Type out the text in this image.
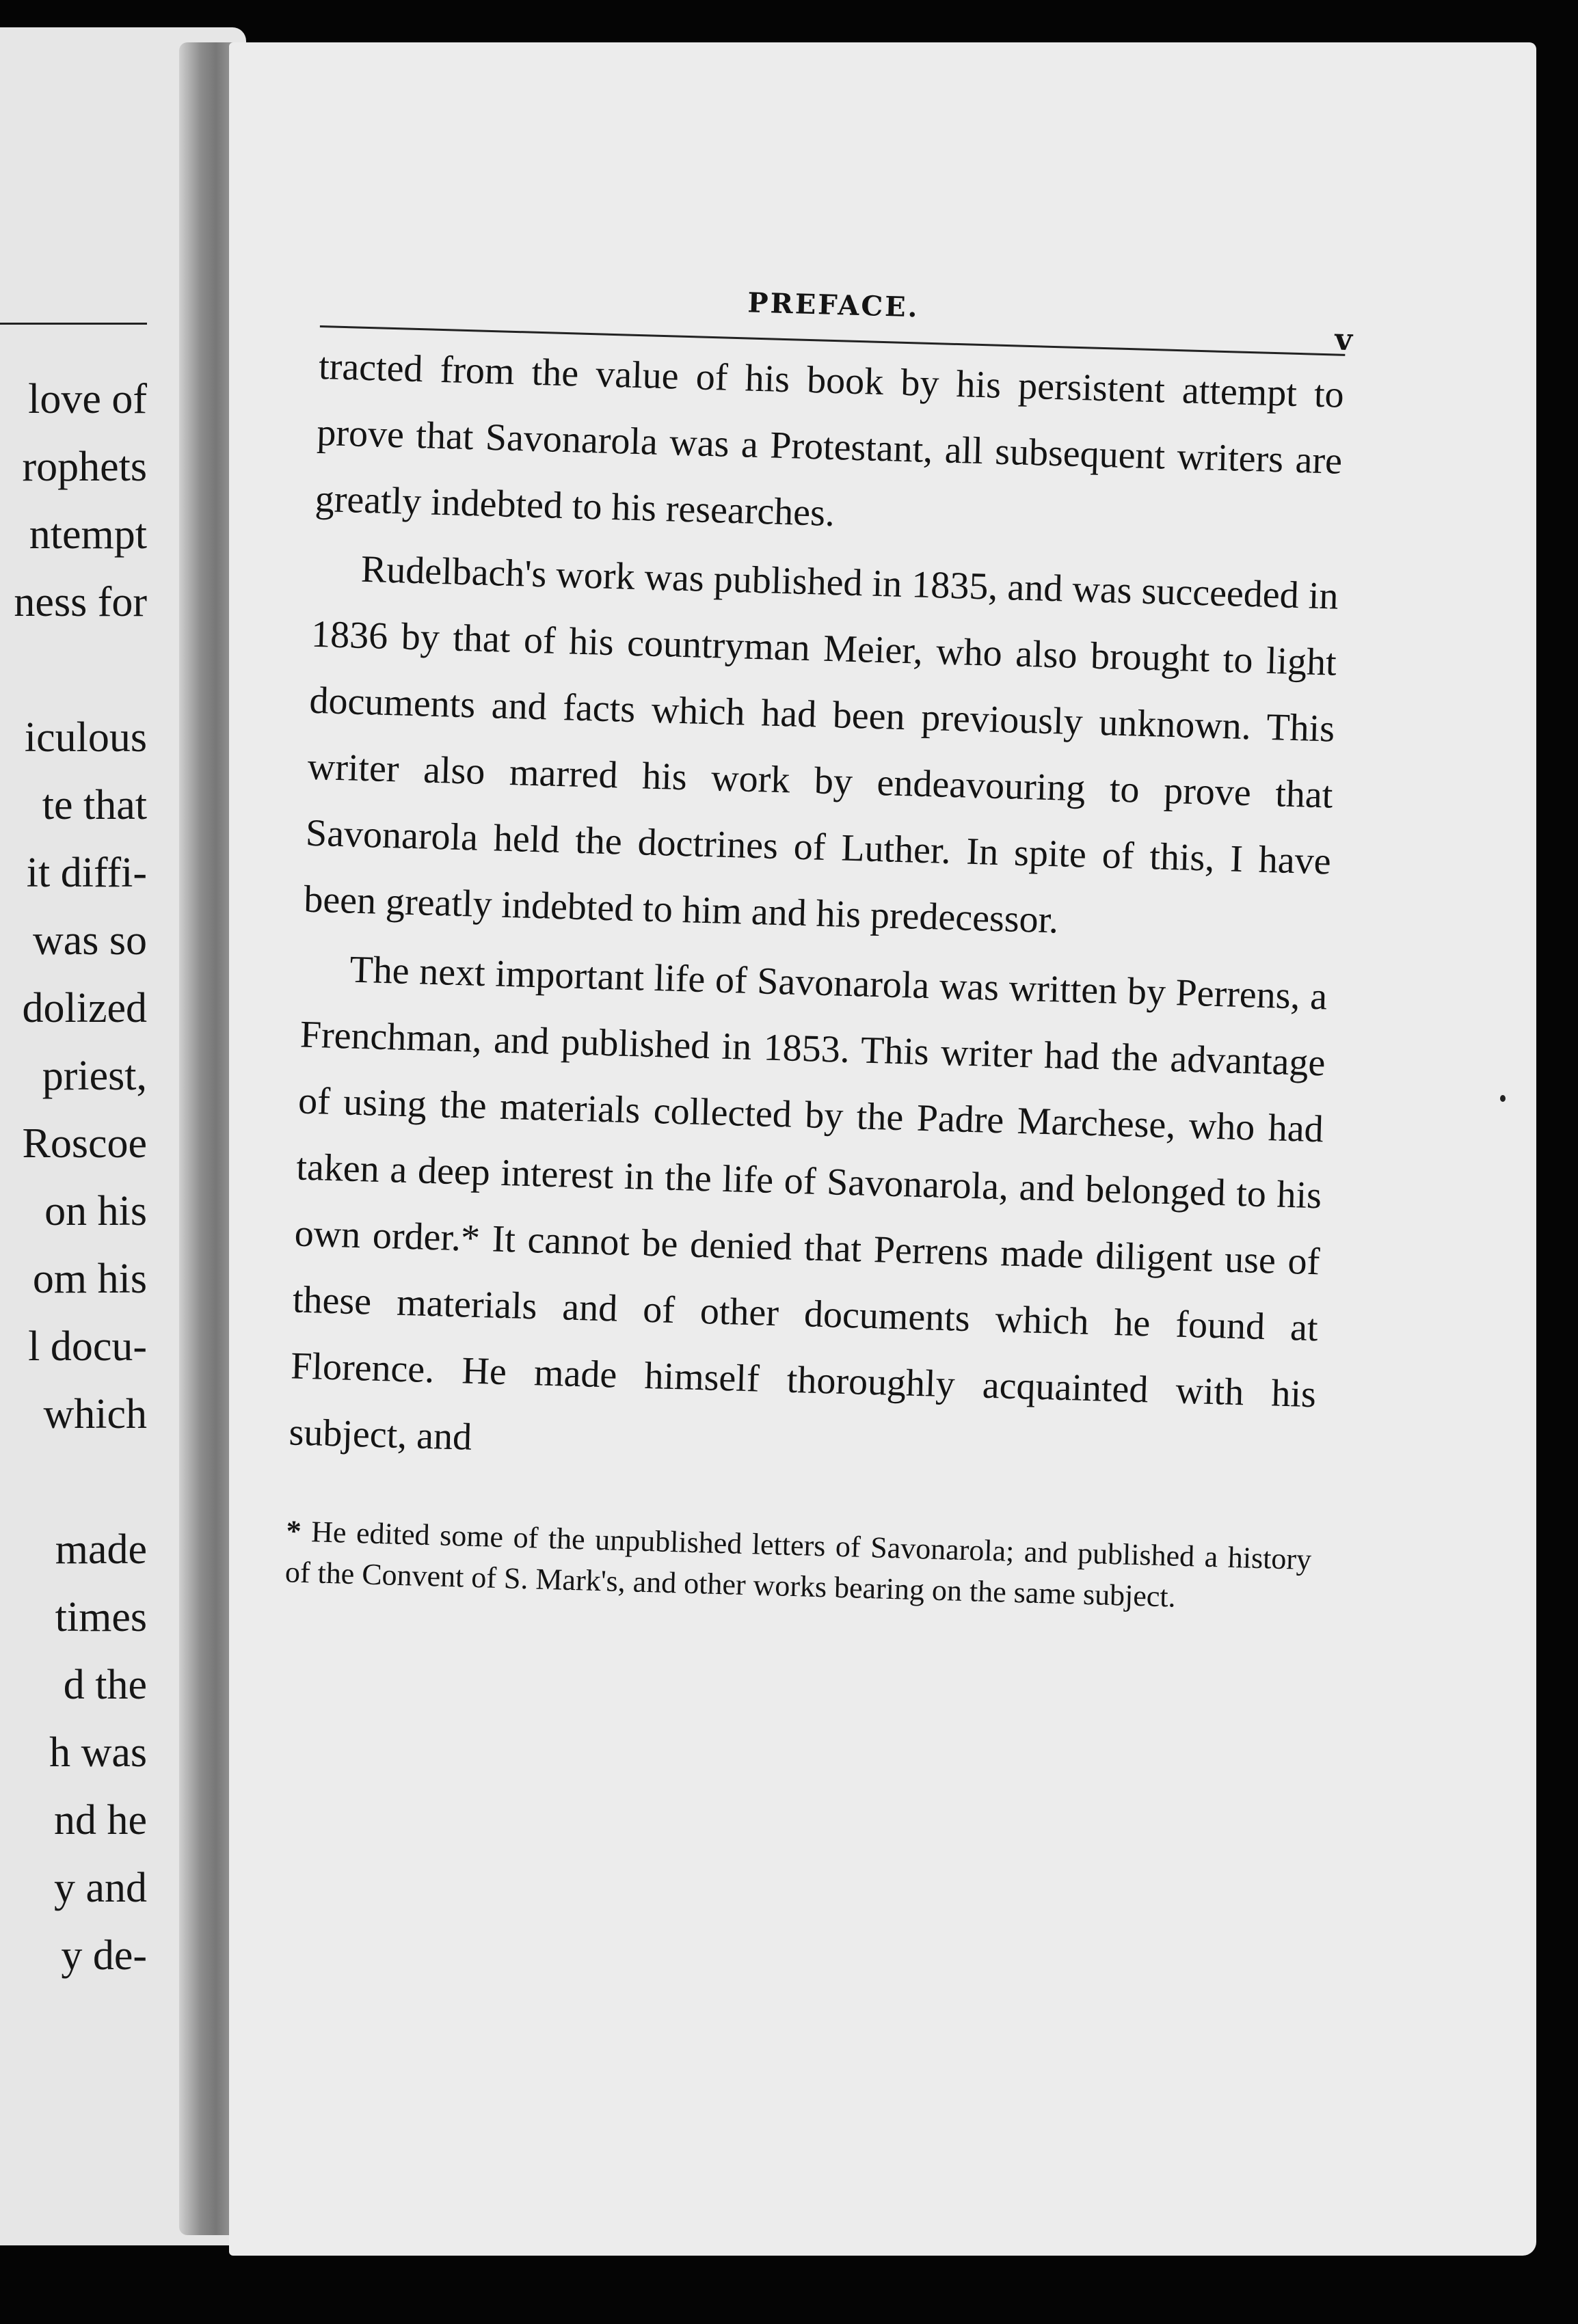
love of
rophets
ntempt
ness for
iculous
te that
it diffi-
was so
dolized
priest,
Roscoe
on his
om his
l docu-
which
made
times
d the
h was
nd he
y and
y de-
PREFACE.
v

tracted from the value of his book by his persistent attempt to prove that Savonarola was a Protestant, all subsequent writers are greatly indebted to his researches.

Rudelbach's work was published in 1835, and was succeeded in 1836 by that of his countryman Meier, who also brought to light documents and facts which had been previously unknown. This writer also marred his work by endeavouring to prove that Savonarola held the doctrines of Luther. In spite of this, I have been greatly indebted to him and his predecessor.

The next important life of Savonarola was written by Perrens, a Frenchman, and published in 1853. This writer had the advantage of using the materials collected by the Padre Marchese, who had taken a deep interest in the life of Savonarola, and belonged to his own order.* It cannot be denied that Perrens made diligent use of these materials and of other documents which he found at Florence. He made himself thoroughly acquainted with his subject, and

* He edited some of the unpublished letters of Savonarola; and published a history of the Convent of S. Mark's, and other works bearing on the same subject.
